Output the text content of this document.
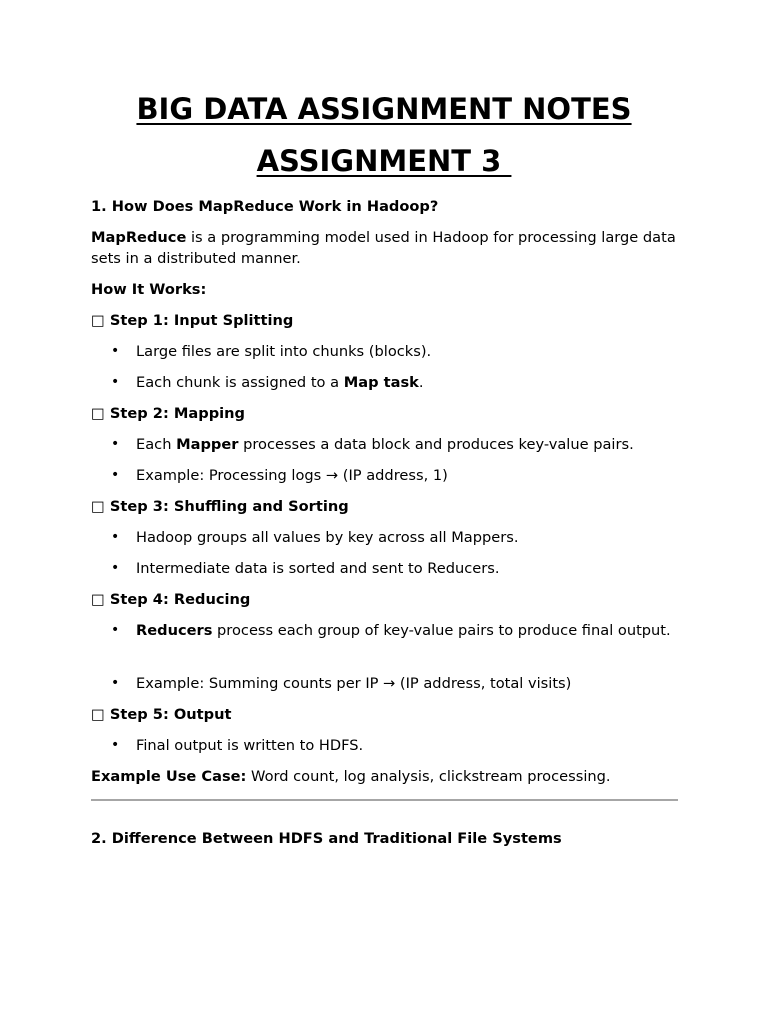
BIG DATA ASSIGNMENT NOTES
ASSIGNMENT 3
1. How Does MapReduce Work in Hadoop?
MapReduce is a programming model used in Hadoop for processing large data sets in a distributed manner.
How It Works:
□ Step 1: Input Splitting
• Large files are split into chunks (blocks).
• Each chunk is assigned to a Map task.
□ Step 2: Mapping
• Each Mapper processes a data block and produces key-value pairs.
• Example: Processing logs → (IP address, 1)
□ Step 3: Shuffling and Sorting
• Hadoop groups all values by key across all Mappers.
• Intermediate data is sorted and sent to Reducers.
□ Step 4: Reducing
• Reducers process each group of key-value pairs to produce final output.
• Example: Summing counts per IP → (IP address, total visits)
□ Step 5: Output
• Final output is written to HDFS.
Example Use Case: Word count, log analysis, clickstream processing.
2. Difference Between HDFS and Traditional File Systems
